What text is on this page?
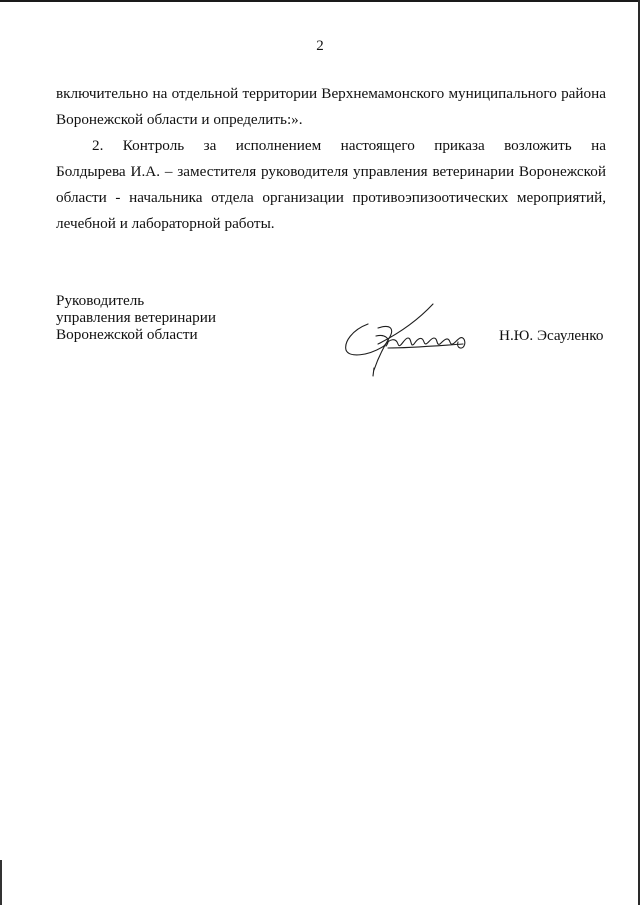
2
включительно на отдельной территории Верхнемамонского муниципального района
Воронежской области и определить:».
2. Контроль за исполнением настоящего приказа возложить на
Болдырева И.А. – заместителя руководителя управления ветеринарии Воронежской
области - начальника отдела организации противоэпизоотических мероприятий,
лечебной и лабораторной работы.
Руководитель
управления ветеринарии
Воронежской области	Н.Ю. Эсауленко
